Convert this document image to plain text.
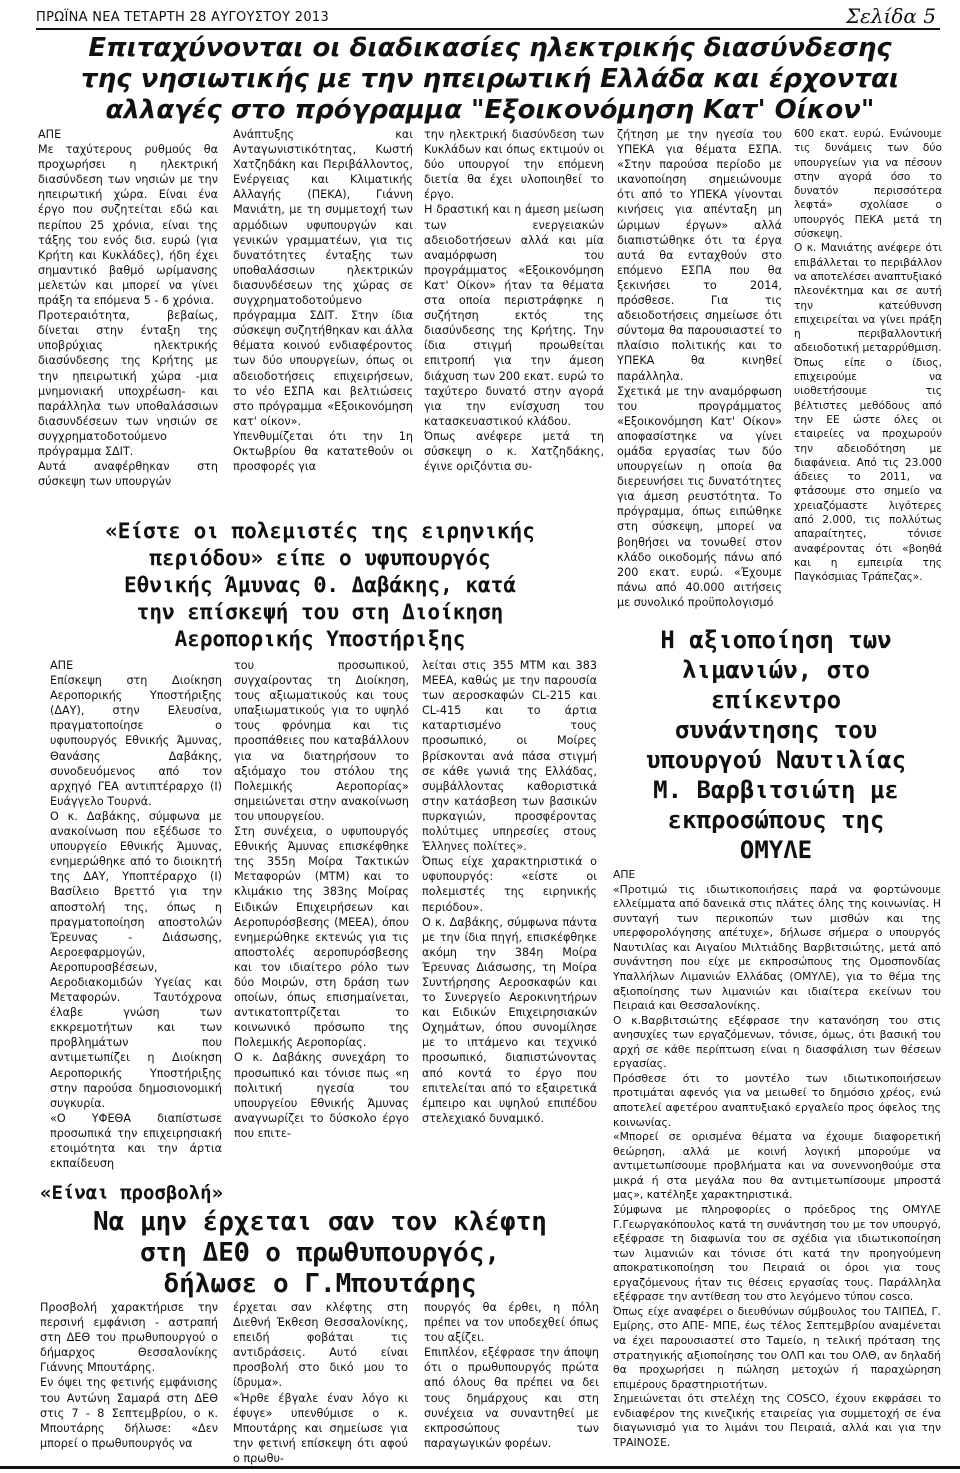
ΠΡΩΪΝΑ ΝΕΑ ΤΕΤΑΡΤΗ 28 ΑΥΓΟΥΣΤΟΥ 2013	Σελίδα 5
Επιταχύνονται οι διαδικασίες ηλεκτρικής διασύνδεσης
της νησιωτικής με την ηπειρωτική Ελλάδα και έρχονται
αλλαγές στο πρόγραμμα "Εξοικονόμηση Κατ' Οίκον"

ΑΠΕ
Με ταχύτερους ρυθμούς θα προχωρήσει η ηλεκτρική διασύνδεση των νησιών με την ηπειρωτική χώρα. Είναι ένα έργο που συζητείται εδώ και περίπου 25 χρόνια, είναι της τάξης του ενός δισ. ευρώ (για Κρήτη και Κυκλάδες), ήδη έχει σημαντικό βαθμό ωρίμανσης μελετών και μπορεί να γίνει πράξη τα επόμενα 5 - 6 χρόνια.
Προτεραιότητα, βεβαίως, δίνεται στην ένταξη της υποβρύχιας ηλεκτρικής διασύνδεσης της Κρήτης με την ηπειρωτική χώρα -μια μνημονιακή υποχρέωση- και παράλληλα των υποθαλάσσιων διασυνδέσεων των νησιών σε συγχρηματοδοτούμενο πρόγραμμα ΣΔΙΤ.
Αυτά αναφέρθηκαν στη σύσκεψη των υπουργών

Ανάπτυξης και Ανταγωνιστικότητας, Κωστή Χατζηδάκη και Περιβάλλοντος, Ενέργειας και Κλιματικής Αλλαγής (ΠΕΚΑ), Γιάννη Μανιάτη, με τη συμμετοχή των αρμόδιων υφυπουργών και γενικών γραμματέων, για τις δυνατότητες ένταξης των υποθαλάσσιων ηλεκτρικών διασυνδέσεων της χώρας σε συγχρηματοδοτούμενο πρόγραμμα ΣΔΙΤ. Στην ίδια σύσκεψη συζητήθηκαν και άλλα θέματα κοινού ενδιαφέροντος των δύο υπουργείων, όπως οι αδειοδοτήσεις επιχειρήσεων, το νέο ΕΣΠΑ και βελτιώσεις στο πρόγραμμα «Εξοικονόμηση κατ' οίκον».
Υπενθυμίζεται ότι την 1η Οκτωβρίου θα κατατεθούν οι προσφορές για

την ηλεκτρική διασύνδεση των Κυκλάδων και όπως εκτιμούν οι δύο υπουργοί την επόμενη διετία θα έχει υλοποιηθεί το έργο.
Η δραστική και η άμεση μείωση των ενεργειακών αδειοδοτήσεων αλλά και μία αναμόρφωση του προγράμματος «Εξοικονόμηση Κατ' Οίκον» ήταν τα θέματα στα οποία περιστράφηκε η συζήτηση εκτός της διασύνδεσης της Κρήτης. Την ίδια στιγμή προωθείται επιτροπή για την άμεση διάχυση των 200 εκατ. ευρώ το ταχύτερο δυνατό στην αγορά για την ενίσχυση του κατασκευαστικού κλάδου.
Όπως ανέφερε μετά τη σύσκεψη ο κ. Χατζηδάκης, έγινε οριζόντια συ-

ζήτηση με την ηγεσία του ΥΠΕΚΑ για θέματα ΕΣΠΑ. «Στην παρούσα περίοδο με ικανοποίηση σημειώνουμε ότι από το ΥΠΕΚΑ γίνονται κινήσεις για απένταξη μη ώριμων έργων» αλλά διαπιστώθηκε ότι τα έργα αυτά θα ενταχθούν στο επόμενο ΕΣΠΑ που θα ξεκινήσει το 2014, πρόσθεσε. Για τις αδειοδοτήσεις σημείωσε ότι σύντομα θα παρουσιαστεί το πλαίσιο πολιτικής και το ΥΠΕΚΑ θα κινηθεί παράλληλα.
Σχετικά με την αναμόρφωση του προγράμματος «Εξοικονόμηση Κατ' Οίκον» αποφασίστηκε να γίνει ομάδα εργασίας των δύο υπουργείων η οποία θα διερευνήσει τις δυνατότητες για άμεση ρευστότητα. Το πρόγραμμα, όπως ειπώθηκε στη σύσκεψη, μπορεί να βοηθήσει να τονωθεί στον κλάδο οικοδομής πάνω από 200 εκατ. ευρώ. «Έχουμε πάνω από 40.000 αιτήσεις με συνολικό προϋπολογισμό

600 εκατ. ευρώ. Ενώνουμε τις δυνάμεις των δύο υπουργείων για να πέσουν στην αγορά όσο το δυνατόν περισσότερα λεφτά» σχολίασε ο υπουργός ΠΕΚΑ μετά τη σύσκεψη.
Ο κ. Μανιάτης ανέφερε ότι επιβάλλεται το περιβάλλον να αποτελέσει αναπτυξιακό πλεονέκτημα και σε αυτή την κατεύθυνση επιχειρείται να γίνει πράξη η περιβαλλοντική αδειοδοτική μεταρρύθμιση.
Όπως είπε ο ίδιος, επιχειρούμε να υιοθετήσουμε τις βέλτιστες μεθόδους από την ΕΕ ώστε όλες οι εταιρείες να προχωρούν την αδειοδότηση με διαφάνεια. Από τις 23.000 άδειες το 2011, να φτάσουμε στο σημείο να χρειαζόμαστε λιγότερες από 2.000, τις πολλύτως απαραίτητες, τόνισε αναφέροντας ότι «βοηθά και η εμπειρία της Παγκόσμιας Τράπεζας».

«Είστε οι πολεμιστές της ειρηνικής
περιόδου» είπε ο υφυπουργός
Εθνικής Άμυνας Θ. Δαβάκης, κατά
την επίσκεψή του στη Διοίκηση
Αεροπορικής Υποστήριξης

ΑΠΕ
Επίσκεψη στη Διοίκηση Αεροπορικής Υποστήριξης (ΔΑΥ), στην Ελευσίνα, πραγματοποίησε ο υφυπουργός Εθνικής Άμυνας, Θανάσης Δαβάκης, συνοδευόμενος από τον αρχηγό ΓΕΑ αντιπτέραρχο (Ι) Ευάγγελο Τουρνά.
Ο κ. Δαβάκης, σύμφωνα με ανακοίνωση που εξέδωσε το υπουργείο Εθνικής Άμυνας, ενημερώθηκε από το διοικητή της ΔΑΥ, Υποπτέραρχο (Ι) Βασίλειο Βρεττό για την αποστολή της, όπως η πραγματοποίηση αποστολών Έρευνας - Διάσωσης, Αεροεφαρμογών, Αεροπυροσβέσεων, Αεροδιακομιδών Υγείας και Μεταφορών. Ταυτόχρονα έλαβε γνώση των εκκρεμοτήτων και των προβλημάτων που αντιμετωπίζει η Διοίκηση Αεροπορικής Υποστήριξης στην παρούσα δημοσιονομική συγκυρία.
«Ο ΥΦΕΘΑ διαπίστωσε προσωπικά την επιχειρησιακή ετοιμότητα και την άρτια εκπαίδευση

του προσωπικού, συγχαίροντας τη Διοίκηση, τους αξιωματικούς και τους υπαξιωματικούς για το υψηλό τους φρόνημα και τις προσπάθειες που καταβάλλουν για να διατηρήσουν το αξιόμαχο του στόλου της Πολεμικής Αεροπορίας» σημειώνεται στην ανακοίνωση του υπουργείου.
Στη συνέχεια, ο υφυπουργός Εθνικής Άμυνας επισκέφθηκε της 355η Μοίρα Τακτικών Μεταφορών (ΜΤΜ) και το κλιμάκιο της 383ης Μοίρας Ειδικών Επιχειρήσεων και Αεροπυρόσβεσης (ΜΕΕΑ), όπου ενημερώθηκε εκτενώς για τις αποστολές αεροπυρόσβεσης και τον ιδιαίτερο ρόλο των δύο Μοιρών, στη δράση των οποίων, όπως επισημαίνεται, αντικατοπτρίζεται το κοινωνικό πρόσωπο της Πολεμικής Αεροπορίας.
Ο κ. Δαβάκης συνεχάρη το προσωπικό και τόνισε πως «η πολιτική ηγεσία του υπουργείου Εθνικής Άμυνας αναγνωρίζει το δύσκολο έργο που επιτε-

λείται στις 355 ΜΤΜ και 383 ΜΕΕΑ, καθώς με την παρουσία των αεροσκαφών CL-215 και CL-415 και το άρτια καταρτισμένο τους προσωπικό, οι Μοίρες βρίσκονται ανά πάσα στιγμή σε κάθε γωνιά της Ελλάδας, συμβάλλοντας καθοριστικά στην κατάσβεση των βασικών πυρκαγιών, προσφέροντας πολύτιμες υπηρεσίες στους Έλληνες πολίτες».
Όπως είχε χαρακτηριστικά ο υφυπουργός: «είστε οι πολεμιστές της ειρηνικής περιόδου».
Ο κ. Δαβάκης, σύμφωνα πάντα με την ίδια πηγή, επισκέφθηκε ακόμη την 384η Μοίρα Έρευνας Διάσωσης, τη Μοίρα Συντήρησης Αεροσκαφών και το Συνεργείο Αεροκινητήρων και Ειδικών Επιχειρησιακών Οχημάτων, όπου συνομίλησε με το ιπτάμενο και τεχνικό προσωπικό, διαπιστώνοντας από κοντά το έργο που επιτελείται από το εξαιρετικά έμπειρο και υψηλού επιπέδου στελεχιακό δυναμικό.

«Είναι προσβολή»
Να μην έρχεται σαν τον κλέφτη
στη ΔΕΘ ο πρωθυπουργός,
δήλωσε ο Γ.Μπουτάρης

Προσβολή χαρακτήρισε την περσινή εμφάνιση - αστραπή στη ΔΕΘ του πρωθυπουργού ο δήμαρχος Θεσσαλονίκης Γιάννης Μπουτάρης.
Εν όψει της φετινής εμφάνισης του Αντώνη Σαμαρά στη ΔΕΘ στις 7 - 8 Σεπτεμβρίου, ο κ. Μπουτάρης δήλωσε: «Δεν μπορεί ο πρωθυπουργός να

έρχεται σαν κλέφτης στη Διεθνή Έκθεση Θεσσαλονίκης, επειδή φοβάται τις αντιδράσεις. Αυτό είναι προσβολή στο δικό μου το ίδρυμα».
«Ήρθε έβγαλε έναν λόγο κι έφυγε» υπενθύμισε ο κ. Μπουτάρης και σημείωσε για την φετινή επίσκεψη ότι αφού ο πρωθυ-

πουργός θα έρθει, η πόλη πρέπει να τον υποδεχθεί όπως του αξίζει.
Επιπλέον, εξέφρασε την άποψη ότι ο πρωθυπουργός πρώτα από όλους θα πρέπει να δει τους δημάρχους και στη συνέχεια να συναντηθεί με εκπροσώπους των παραγωγικών φορέων.

Η αξιοποίηση των
λιμανιών, στο
επίκεντρο
συνάντησης του
υπουργού Ναυτιλίας
Μ. Βαρβιτσιώτη με
εκπροσώπους της
ΟΜΥΛΕ

ΑΠΕ
«Προτιμώ τις ιδιωτικοποιήσεις παρά να φορτώνουμε ελλείμματα από δανεικά στις πλάτες όλης της κοινωνίας. Η συνταγή των περικοπών των μισθών και της υπερφορολόγησης απέτυχε», δήλωσε σήμερα ο υπουργός Ναυτιλίας και Αιγαίου Μιλτιάδης Βαρβιτσιώτης, μετά από συνάντηση που είχε με εκπροσώπους της Ομοσπονδίας Υπαλλήλων Λιμανιών Ελλάδας (ΟΜΥΛΕ), για το θέμα της αξιοποίησης των λιμανιών και ιδιαίτερα εκείνων του Πειραιά και Θεσσαλονίκης.
Ο κ.Βαρβιτσιώτης εξέφρασε την κατανόηση του στις ανησυχίες των εργαζόμενων, τόνισε, όμως, ότι βασική του αρχή σε κάθε περίπτωση είναι η διασφάλιση των θέσεων εργασίας.
Πρόσθεσε ότι το μοντέλο των ιδιωτικοποιήσεων προτιμάται αφενός για να μειωθεί το δημόσιο χρέος, ενώ αποτελεί αφετέρου αναπτυξιακό εργαλείο προς όφελος της κοινωνίας.
«Μπορεί σε ορισμένα θέματα να έχουμε διαφορετική θεώρηση, αλλά με κοινή λογική μπορούμε να αντιμετωπίσουμε προβλήματα και να συνεννοηθούμε στα μικρά ή στα μεγάλα που θα αντιμετωπίσουμε μπροστά μας», κατέληξε χαρακτηριστικά.
Σύμφωνα με πληροφορίες ο πρόεδρος της ΟΜΥΛΕ Γ.Γεωργακόπουλος κατά τη συνάντηση του με τον υπουργό, εξέφρασε τη διαφωνία του σε σχέδια για ιδιωτικοποίηση των λιμανιών και τόνισε ότι κατά την προηγούμενη αποκρατικοποίηση του Πειραιά οι όροι για τους εργαζόμενους ήταν τις θέσεις εργασίας τους. Παράλληλα εξέφρασε την αντίθεση του στο λεγόμενο τύπου cosco.
Όπως είχε αναφέρει ο διευθύνων σύμβουλος του ΤΑΙΠΕΔ, Γ. Εμίρης, στο ΑΠΕ- ΜΠΕ, έως τέλος Σεπτεμβρίου αναμένεται να έχει παρουσιαστεί στο Ταμείο, η τελική πρόταση της στρατηγικής αξιοποίησης του ΟΛΠ και του ΟΛΘ, αν δηλαδή θα προχωρήσει η πώληση μετοχών ή παραχώρηση επιμέρους δραστηριοτήτων.
Σημειώνεται ότι στελέχη της COSCO, έχουν εκφράσει το ενδιαφέρον της κινεζικής εταιρείας για συμμετοχή σε ένα διαγωνισμό για το λιμάνι του Πειραιά, αλλά και για την ΤΡΑΙΝΟΣΕ.
